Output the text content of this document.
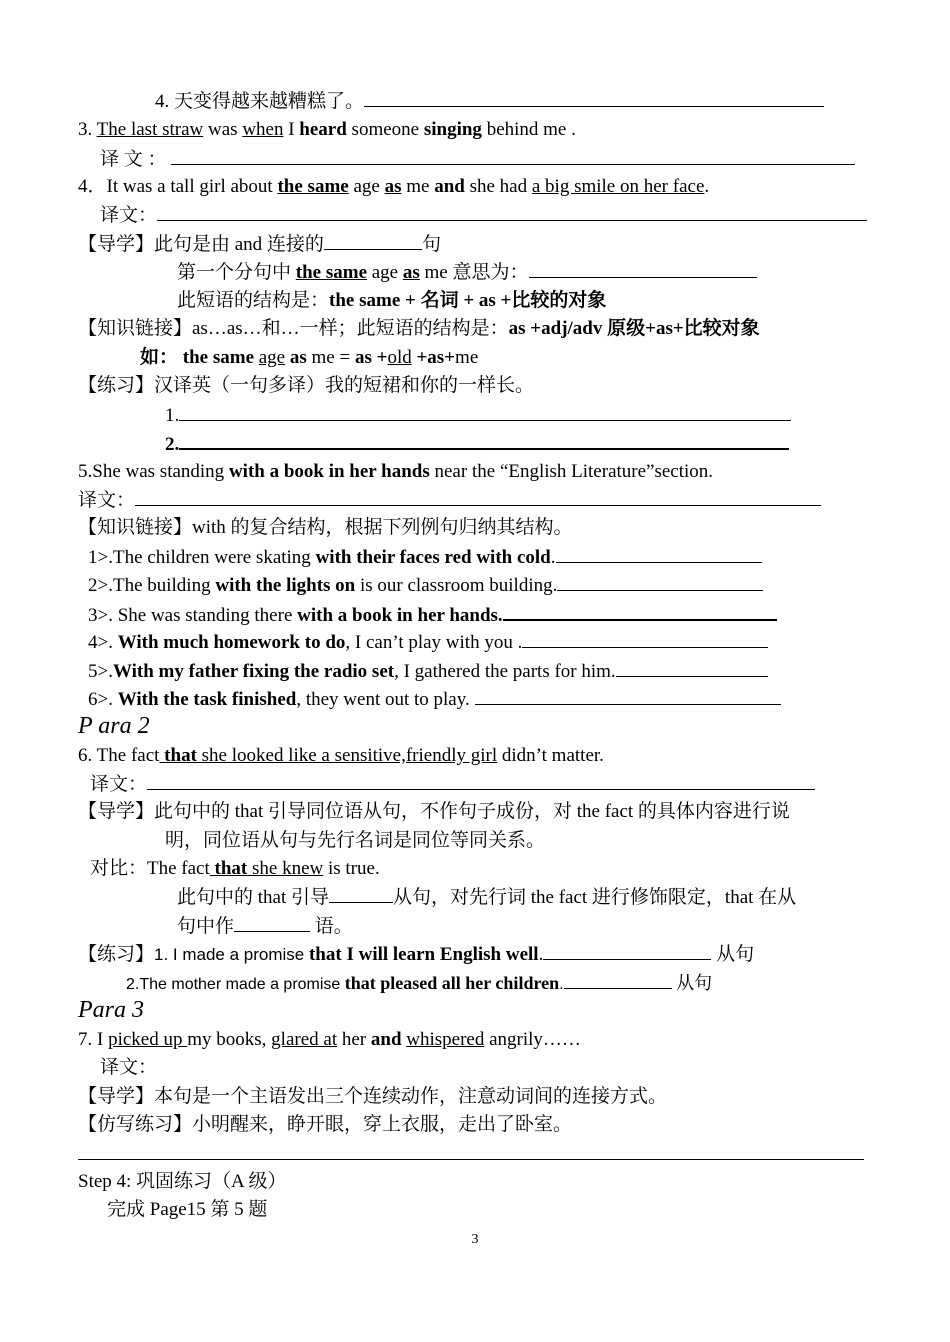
4. 天变得越来越糟糕了。
3. The last straw was when I heard someone singing behind me .
译 文 ：
4．It was a tall girl about the same age as me and she had a big smile on her face.
译文：
【导学】此句是由 and 连接的	句
第一个分句中 the same age as me 意思为：
此短语的结构是：the same + 名词 + as +比较的对象
【知识链接】as…as…和…一样；此短语的结构是：as +adj/adv 原级+as+比较对象
如： the same age as me = as +old +as+me
【练习】汉译英（一句多译）我的短裙和你的一样长。
1.
2.
5.She was standing with a book in her hands near the “English Literature”section.
译文：
【知识链接】with 的复合结构，根据下列例句归纳其结构。
1>.The children were skating with their faces red with cold.
2>.The building with the lights on is our classroom building.
3>. She was standing there with a book in her hands.
4>. With much homework to do, I can’t play with you .
5>.With my father fixing the radio set, I gathered the parts for him.
6>. With the task finished, they went out to play.
P ara 2
6. The fact that she looked like a sensitive,friendly girl didn’t matter.
译文：
【导学】此句中的 that 引导同位语从句，不作句子成份，对 the fact 的具体内容进行说
明，同位语从句与先行名词是同位等同关系。
对比：The fact that she knew is true.
此句中的 that 引导	从句，对先行词 the fact 进行修饰限定，that 在从
句中作	语。
【练习】1. I made a promise that I will learn English well.	从句
2.The mother made a promise that pleased all her children.	从句
Para 3
7. I picked up my books, glared at her and whispered angrily……
译文：
【导学】本句是一个主语发出三个连续动作，注意动词间的连接方式。
【仿写练习】小明醒来，睁开眼，穿上衣服，走出了卧室。
Step 4: 巩固练习（A 级）
完成 Page15 第 5 题
3
